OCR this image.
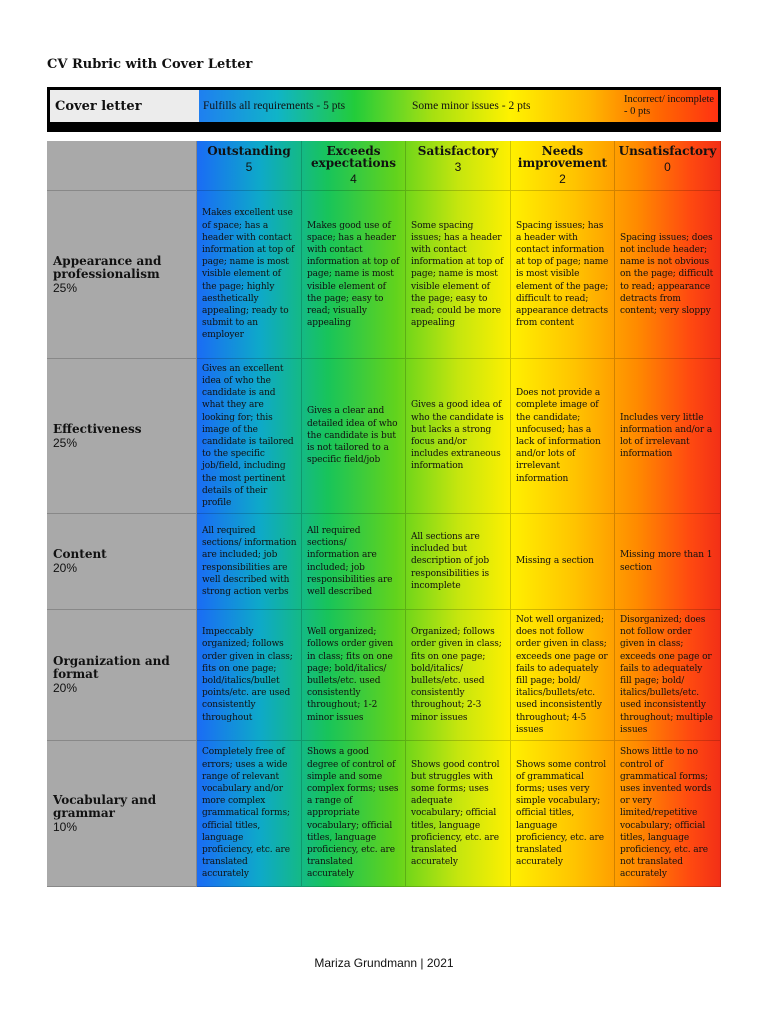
CV Rubric with Cover Letter
Cover letter	Fulfills all requirements - 5 pts	Some minor issues - 2 pts
Incorrect/ incomplete - 0 pts
Outstanding
5
Exceeds expectations
4
Satisfactory
3
Needs improvement
2
Unsatisfactory
0
Appearance and professionalism
25%
Makes excellent use of space; has a header with contact information at top of page; name is most visible element of the page; highly aesthetically appealing; ready to submit to an employer
Makes good use of space; has a header with contact information at top of page; name is most visible element of the page; easy to read; visually appealing
Some spacing issues; has a header with contact information at top of page; name is most visible element of the page; easy to read; could be more appealing
Spacing issues; has a header with contact information at top of page; name is most visible element of the page; difficult to read; appearance detracts from content
Spacing issues; does not include header; name is not obvious on the page; difficult to read; appearance detracts from content; very sloppy
Effectiveness
25%
Gives an excellent idea of who the candidate is and what they are looking for; this image of the candidate is tailored to the specific job/field, including the most pertinent details of their profile
Gives a clear and detailed idea of who the candidate is but is not tailored to a specific field/job
Gives a good idea of who the candidate is but lacks a strong focus and/or includes extraneous information
Does not provide a complete image of the candidate; unfocused; has a lack of information and/or lots of irrelevant information
Includes very little information and/or a lot of irrelevant information
Content
20%
All required sections/ information are included; job responsibilities are well described with strong action verbs
All required sections/ information are included; job responsibilities are well described
All sections are included but description of job responsibilities is incomplete
Missing a section
Missing more than 1 section
Organization and format
20%
Impeccably organized; follows order given in class; fits on one page; bold/italics/bullet points/etc. are used consistently throughout
Well organized; follows order given in class; fits on one page; bold/italics/ bullets/etc. used consistently throughout; 1-2 minor issues
Organized; follows order given in class; fits on one page; bold/italics/ bullets/etc. used consistently throughout; 2-3 minor issues
Not well organized; does not follow order given in class; exceeds one page or fails to adequately fill page; bold/ italics/bullets/etc. used inconsistently throughout; 4-5 issues
Disorganized; does not follow order given in class; exceeds one page or fails to adequately fill page; bold/ italics/bullets/etc. used inconsistently throughout; multiple issues
Vocabulary and grammar
10%
Completely free of errors; uses a wide range of relevant vocabulary and/or more complex grammatical forms; official titles, language proficiency, etc. are translated accurately
Shows a good degree of control of simple and some complex forms; uses a range of appropriate vocabulary; official titles, language proficiency, etc. are translated accurately
Shows good control but struggles with some forms; uses adequate vocabulary; official titles, language proficiency, etc. are translated accurately
Shows some control of grammatical forms; uses very simple vocabulary; official titles, language proficiency, etc. are translated accurately
Shows little to no control of grammatical forms; uses invented words or very limited/repetitive vocabulary; official titles, language proficiency, etc. are not translated accurately
Mariza Grundmann | 2021
